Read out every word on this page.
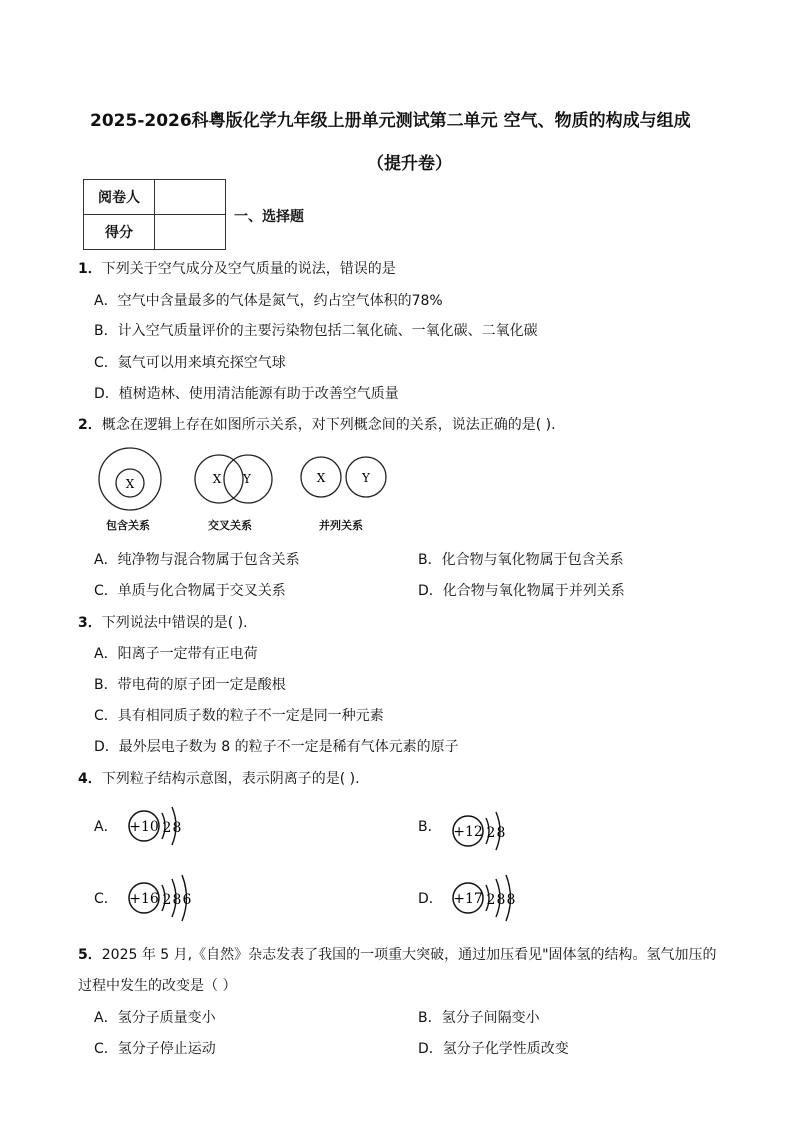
2025-2026科粤版化学九年级上册单元测试第二单元 空气、物质的构成与组成
（提升卷）
阅卷人	
得分	
一、选择题
1．下列关于空气成分及空气质量的说法，错误的是
A．空气中含量最多的气体是氮气，约占空气体积的78%
B．计入空气质量评价的主要污染物包括二氧化硫、一氧化碳、二氧化碳
C．氦气可以用来填充探空气球
D．植树造林、使用清洁能源有助于改善空气质量
2．概念在逻辑上存在如图所示关系，对下列概念间的关系，说法正确的是( ).
X	X Y	X	Y
包含关系	交叉关系	并列关系
A．纯净物与混合物属于包含关系	B．化合物与氧化物属于包含关系
C．单质与化合物属于交叉关系	D．化合物与氧化物属于并列关系
3．下列说法中错误的是( ).
A．阳离子一定带有正电荷
B．带电荷的原子团一定是酸根
C．具有相同质子数的粒子不一定是同一种元素
D．最外层电子数为 8 的粒子不一定是稀有气体元素的原子
4．下列粒子结构示意图，表示阴离子的是( ).
A． +10 2 8	B． +12 2 8
C． +16 2 8 6	D． +17 2 8 8
5．2025 年 5 月,《自然》杂志发表了我国的一项重大突破，通过加压看见"固体氢的结构。氢气加压的
过程中发生的改变是（ ）
A．氢分子质量变小	B．氢分子间隔变小
C．氢分子停止运动	D．氢分子化学性质改变
